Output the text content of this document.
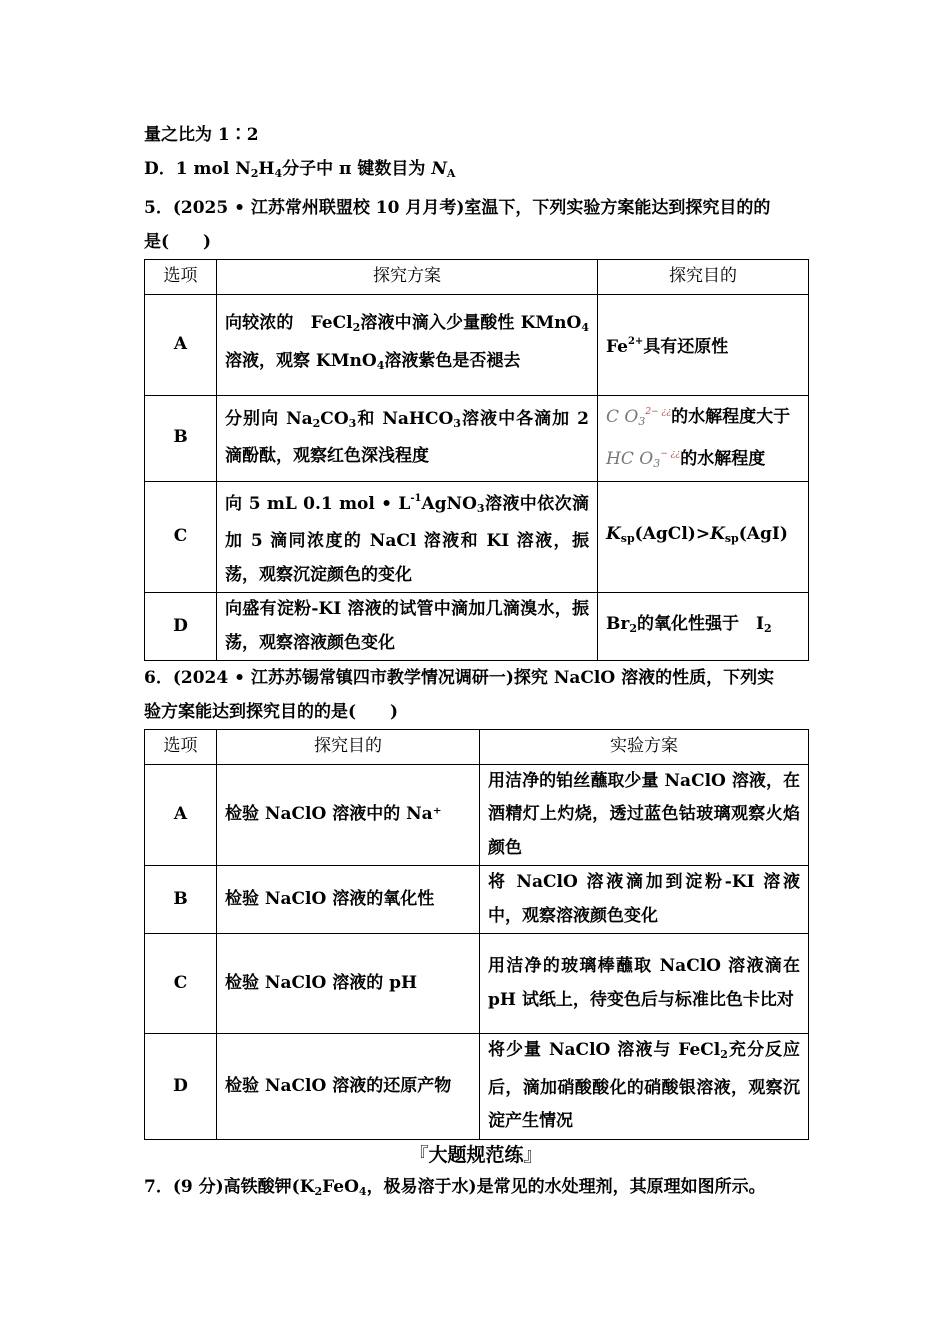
量之比为 1∶2
D．1 mol $N_2H_4$分子中 π 键数目为 $N_A$
5．(2025 • 江苏常州联盟校 10 月月考)室温下，下列实验方案能达到探究目的的
是(　　)
选项	探究方案	探究目的
A	向较浓的　FeCl$_2$溶液中滴入少量酸性 KMnO$_4$溶液，观察 KMnO$_4$溶液紫色是否褪去	$Fe^{2+}$具有还原性
B	分别向 $Na_2CO_3$和 NaHCO$_3$溶液中各滴加 2 滴酚酞，观察红色深浅程度	C $O_3^{2- ¿¿}$的水解程度大于
HC $O_3^{- ¿¿}$的水解程度

C	向 5 mL 0.1 mol • $L^{-1}AgNO_3$溶液中依次滴加 5 滴同浓度的 NaCl 溶液和 KI 溶液，振荡，观察沉淀颜色的变化	$K_{sp}(AgCl)>K_{sp}(AgI)$
D	向盛有淀粉-KI 溶液的试管中滴加几滴溴水，振荡，观察溶液颜色变化	$Br_2$的氧化性强于　$I_2$
6．(2024 • 江苏苏锡常镇四市教学情况调研一)探究 NaClO 溶液的性质，下列实
验方案能达到探究目的的是(　　)
选项	探究目的	实验方案
A	检验 NaClO 溶液中的 Na⁺	用洁净的铂丝蘸取少量 NaClO 溶液，在酒精灯上灼烧，透过蓝色钴玻璃观察火焰颜色
B	检验 NaClO 溶液的氧化性	将 NaClO 溶液滴加到淀粉-KI 溶液中，观察溶液颜色变化
C	检验 NaClO 溶液的 pH	用洁净的玻璃棒蘸取 NaClO 溶液滴在 pH 试纸上，待变色后与标准比色卡比对
D	检验 NaClO 溶液的还原产物	将少量 NaClO 溶液与 FeCl$_2$充分反应后，滴加硝酸酸化的硝酸银溶液，观察沉淀产生情况
『大题规范练』
7．(9 分)高铁酸钾($K_2FeO_4$，极易溶于水)是常见的水处理剂，其原理如图所示。
